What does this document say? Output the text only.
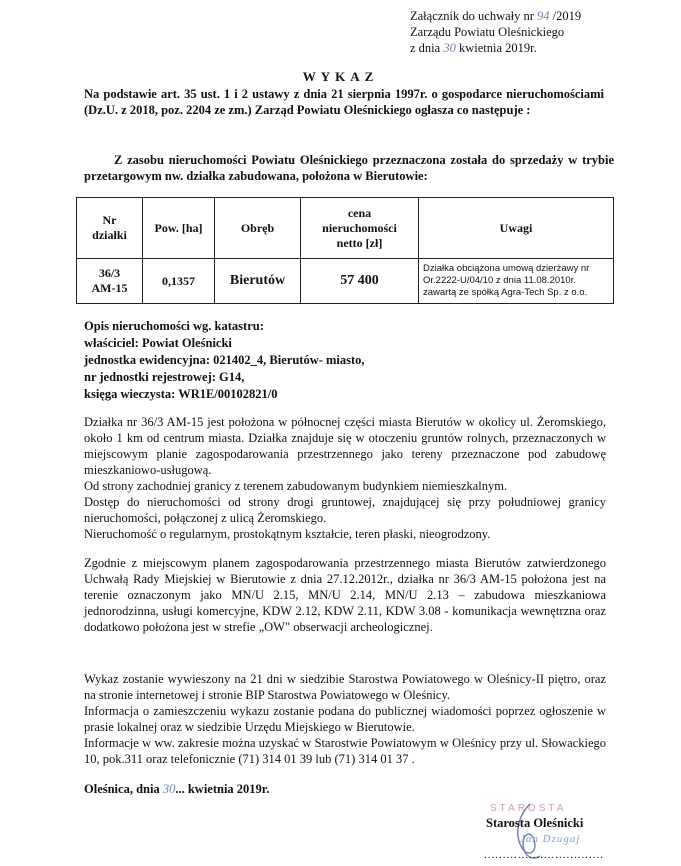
Załącznik do uchwały nr 94 /2019
Zarządu Powiatu Oleśnickiego
z dnia 30 kwietnia 2019r.
WYKAZ
Na podstawie art. 35 ust. 1 i 2 ustawy z dnia 21 sierpnia 1997r. o gospodarce nieruchomościami (Dz.U. z 2018, poz. 2204 ze zm.) Zarząd Powiatu Oleśnickiego ogłasza co następuje :
Z zasobu nieruchomości Powiatu Oleśnickiego przeznaczona została do sprzedaży w trybie przetargowym nw. działka zabudowana, położona w Bierutowie:
Nr
działki	Pow. [ha]	Obręb	cena
nieruchomości
netto [zł]	Uwagi
36/3
AM-15	0,1357	Bierutów	57 400	Działka obciążona umową dzierżawy nr Or.2222-U/04/10 z dnia 11.08.2010r. zawartą ze spółką Agra-Tech Sp. z o.o.
Opis nieruchomości wg. katastru:
właściciel: Powiat Oleśnicki
jednostka ewidencyjna: 021402_4, Bierutów- miasto,
nr jednostki rejestrowej: G14,
księga wieczysta: WR1E/00102821/0

Działka nr 36/3 AM-15 jest położona w północnej części miasta Bierutów w okolicy ul. Żeromskiego, około 1 km od centrum miasta. Działka znajduje się w otoczeniu gruntów rolnych, przeznaczonych w miejscowym planie zagospodarowania przestrzennego jako tereny przeznaczone pod zabudowę mieszkaniowo-usługową.

Od strony zachodniej granicy z terenem zabudowanym budynkiem niemieszkalnym.

Dostęp do nieruchomości od strony drogi gruntowej, znajdującej się przy południowej granicy nieruchomości, połączonej z ulicą Żeromskiego.

Nieruchomość o regularnym, prostokątnym kształcie, teren płaski, nieogrodzony.

Zgodnie z miejscowym planem zagospodarowania przestrzennego miasta Bierutów zatwierdzonego Uchwałą Rady Miejskiej w Bierutowie z dnia 27.12.2012r., działka nr 36/3 AM-15 położona jest na terenie oznaczonym jako MN/U 2.15, MN/U 2.14, MN/U 2.13 – zabudowa mieszkaniowa jednorodzinna, usługi komercyjne, KDW 2.12, KDW 2.11, KDW 3.08 - komunikacja wewnętrzna oraz dodatkowo położona jest w strefie „OW" obserwacji archeologicznej.

Wykaz zostanie wywieszony na 21 dni w siedzibie Starostwa Powiatowego w Oleśnicy-II piętro, oraz na stronie internetowej i stronie BIP Starostwa Powiatowego w Oleśnicy.

Informacja o zamieszczeniu wykazu zostanie podana do publicznej wiadomości poprzez ogłoszenie w prasie lokalnej oraz w siedzibie Urzędu Miejskiego w Bierutowie.

Informacje w ww. zakresie można uzyskać w Starostwie Powiatowym w Oleśnicy przy ul. Słowackiego 10, pok.311 oraz telefonicznie (71) 314 01 39 lub (71) 314 01 37 .

Oleśnica, dnia 30... kwietnia 2019r.
STAROSTA
Starosta Oleśnicki
Jan Dzugaj
................................
